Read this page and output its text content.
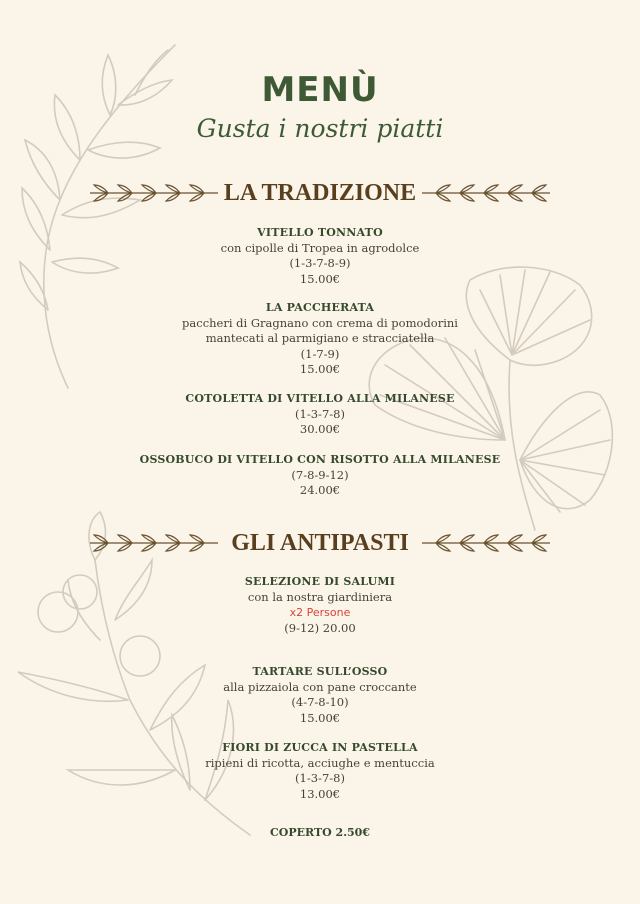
MENÙ
Gusta i nostri piatti
LA TRADIZIONE
VITELLO TONNATO
con cipolle di Tropea in agrodolce
(1-3-7-8-9)
15.00€
LA PACCHERATA
paccheri di Gragnano con crema di pomodorini
mantecati al parmigiano e stracciatella
(1-7-9)
15.00€
COTOLETTA DI VITELLO ALLA MILANESE
(1-3-7-8)
30.00€
OSSOBUCO DI VITELLO CON RISOTTO ALLA MILANESE
(7-8-9-12)
24.00€
GLI ANTIPASTI
SELEZIONE DI SALUMI
con la nostra giardiniera
x2 Persone
(9-12) 20.00
TARTARE SULL’OSSO
alla pizzaiola con pane croccante
(4-7-8-10)
15.00€
FIORI DI ZUCCA IN PASTELLA
ripieni di ricotta, acciughe e mentuccia
(1-3-7-8)
13.00€
COPERTO 2.50€
